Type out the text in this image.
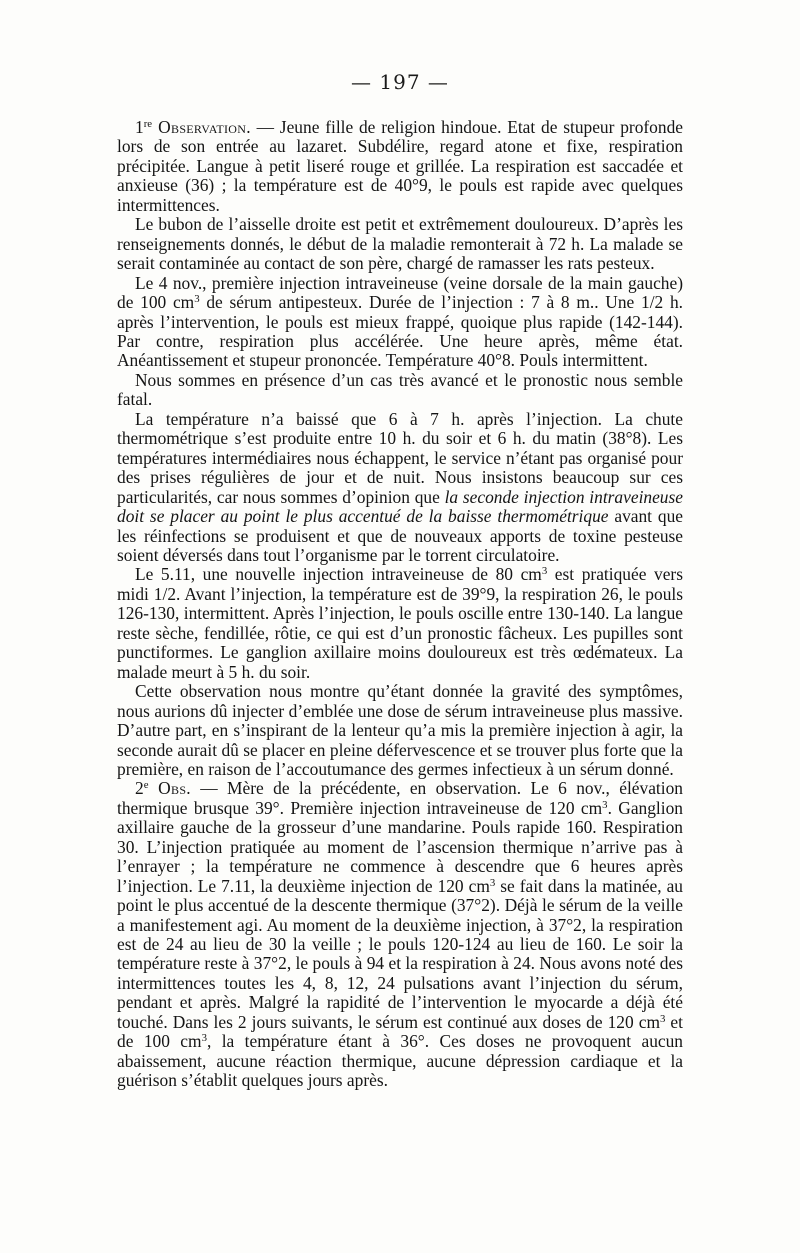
— 197 —

1re Observation. — Jeune fille de religion hindoue. Etat de stupeur profonde lors de son entrée au lazaret. Subdélire, regard atone et fixe, respiration précipitée. Langue à petit liseré rouge et grillée. La respiration est saccadée et anxieuse (36) ; la température est de 40°9, le pouls est rapide avec quelques intermittences.

Le bubon de l’aisselle droite est petit et extrêmement douloureux. D’après les renseignements donnés, le début de la maladie remonterait à 72 h. La malade se serait contaminée au contact de son père, chargé de ramasser les rats pesteux.

Le 4 nov., première injection intraveineuse (veine dorsale de la main gauche) de 100 $cm^3$ de sérum antipesteux. Durée de l’injection : 7 à 8 m.. Une 1/2 h. après l’intervention, le pouls est mieux frappé, quoique plus rapide (142-144). Par contre, respiration plus accélérée. Une heure après, même état. Anéantissement et stupeur prononcée. Température 40°8. Pouls intermittent.

Nous sommes en présence d’un cas très avancé et le pronostic nous semble fatal.

La température n’a baissé que 6 à 7 h. après l’injection. La chute thermométrique s’est produite entre 10 h. du soir et 6 h. du matin (38°8). Les températures intermédiaires nous échappent, le service n’étant pas organisé pour des prises régulières de jour et de nuit. Nous insistons beaucoup sur ces particularités, car nous sommes d’opinion que la seconde injection intraveineuse doit se placer au point le plus accentué de la baisse thermométrique avant que les réinfections se produisent et que de nouveaux apports de toxine pesteuse soient déversés dans tout l’organisme par le torrent circulatoire.

Le 5.11, une nouvelle injection intraveineuse de 80 $cm^3$ est pratiquée vers midi 1/2. Avant l’injection, la température est de 39°9, la respiration 26, le pouls 126-130, intermittent. Après l’injection, le pouls oscille entre 130-140. La langue reste sèche, fendillée, rôtie, ce qui est d’un pronostic fâcheux. Les pupilles sont punctiformes. Le ganglion axillaire moins douloureux est très œdémateux. La malade meurt à 5 h. du soir.

Cette observation nous montre qu’étant donnée la gravité des symptômes, nous aurions dû injecter d’emblée une dose de sérum intraveineuse plus massive. D’autre part, en s’inspirant de la lenteur qu’a mis la première injection à agir, la seconde aurait dû se placer en pleine défervescence et se trouver plus forte que la première, en raison de l’accoutumance des germes infectieux à un sérum donné.

2e Obs. — Mère de la précédente, en observation. Le 6 nov., élévation thermique brusque 39°. Première injection intraveineuse de 120 $cm^3$. Ganglion axillaire gauche de la grosseur d’une mandarine. Pouls rapide 160. Respiration 30. L’injection pratiquée au moment de l’ascension thermique n’arrive pas à l’enrayer ; la température ne commence à descendre que 6 heures après l’injection. Le 7.11, la deuxième injection de 120 $cm^3$ se fait dans la matinée, au point le plus accentué de la descente thermique (37°2). Déjà le sérum de la veille a manifestement agi. Au moment de la deuxième injection, à 37°2, la respiration est de 24 au lieu de 30 la veille ; le pouls 120-124 au lieu de 160. Le soir la température reste à 37°2, le pouls à 94 et la respiration à 24. Nous avons noté des intermittences toutes les 4, 8, 12, 24 pulsations avant l’injection du sérum, pendant et après. Malgré la rapidité de l’intervention le myocarde a déjà été touché. Dans les 2 jours suivants, le sérum est continué aux doses de 120 $cm^3$ et de 100 $cm^3$, la température étant à 36°. Ces doses ne provoquent aucun abaissement, aucune réaction thermique, aucune dépression cardiaque et la guérison s’établit quelques jours après.
